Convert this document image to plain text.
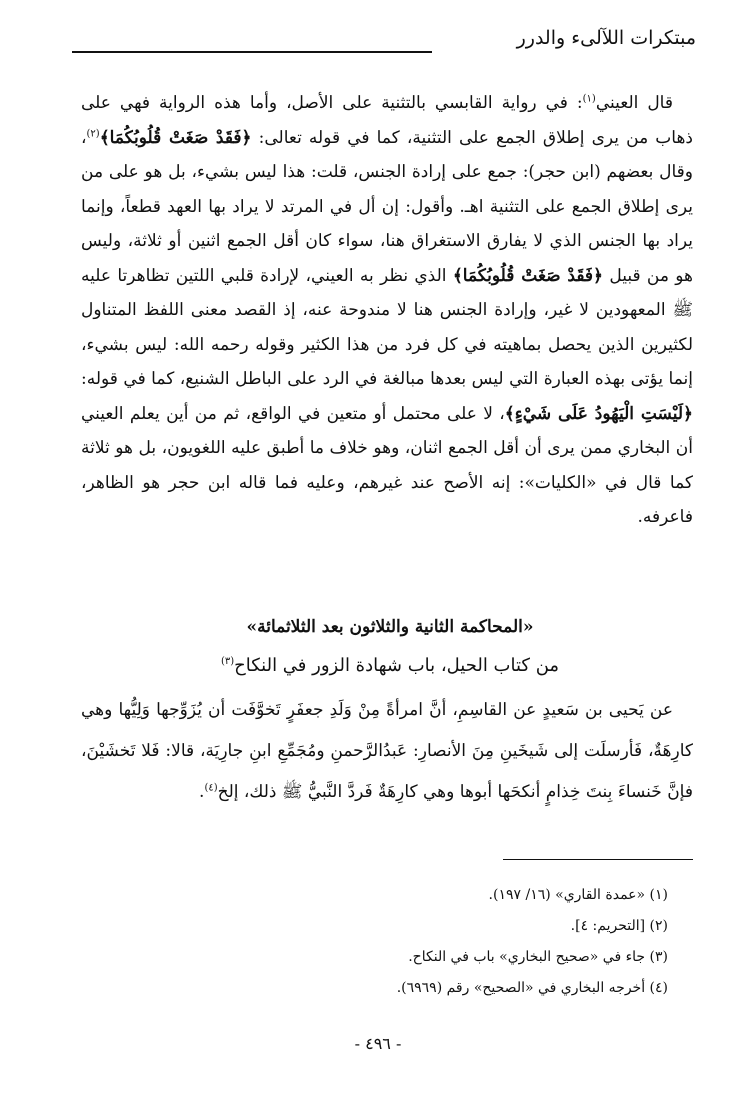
مبتكرات اللآلىء والدرر

قال العيني$^{(١)}$: في رواية القابسي بالتثنية على الأصل، وأما هذه الرواية فهي على ذهاب من يرى إطلاق الجمع على التثنية، كما في قوله تعالى: ﴿فَقَدْ صَغَتْ قُلُوبُكُمَا﴾$^{(٢)}$، وقال بعضهم (ابن حجر): جمع على إرادة الجنس، قلت: هذا ليس بشيء، بل هو على من يرى إطلاق الجمع على التثنية اهـ. وأقول: إن أل في المرتد لا يراد بها العهد قطعاً، وإنما يراد بها الجنس الذي لا يفارق الاستغراق هنا، سواء كان أقل الجمع اثنين أو ثلاثة، وليس هو من قبيل ﴿فَقَدْ صَغَتْ قُلُوبُكُمَا﴾ الذي نظر به العيني، لإرادة قلبي اللتين تظاهرتا عليه ﷺ المعهودين لا غير، وإرادة الجنس هنا لا مندوحة عنه، إذ القصد معنى اللفظ المتناول لكثيرين الذين يحصل بماهيته في كل فرد من هذا الكثير وقوله رحمه الله: ليس بشيء، إنما يؤتى بهذه العبارة التي ليس بعدها مبالغة في الرد على الباطل الشنيع، كما في قوله: ﴿لَيْسَتِ الْيَهُودُ عَلَى شَيْءٍ﴾، لا على محتمل أو متعين في الواقع، ثم من أين يعلم العيني أن البخاري ممن يرى أن أقل الجمع اثنان، وهو خلاف ما أطبق عليه اللغويون، بل هو ثلاثة كما قال في «الكليات»: إنه الأصح عند غيرهم، وعليه فما قاله ابن حجر هو الظاهر، فاعرفه.

«المحاكمة الثانية والثلاثون بعد الثلاثمائة»
من كتاب الحيل، باب شهادة الزور في النكاح$^{(٣)}$

عن يَحيى بن سَعيدٍ عن القاسِمِ، أنَّ امرأةً مِنْ وَلَدِ جعفَرٍ تَخوَّفَت أن يُزَوِّجها وَلِيُّها وهي كارِهَةٌ، فَأرسلَت إلى شَيخَينِ مِنَ الأنصارِ: عَبدُالرَّحمنِ ومُجَمِّعِ ابنِ جارِيَة، قالا: فَلا تَخشَيْنَ، فإنَّ خَنساءَ بِنتَ خِذامٍ أنكحَها أبوها وهي كارِهَةٌ فَردَّ النَّبيُّ ﷺ ذلك، إلخ$^{(٤)}$.

(١) «عمدة القاري» (١٦/ ١٩٧).
(٢) [التحريم: ٤].
(٣) جاء في «صحيح البخاري» باب في النكاح.
(٤) أخرجه البخاري في «الصحيح» رقم (٦٩٦٩).
- ٤٩٦ -
